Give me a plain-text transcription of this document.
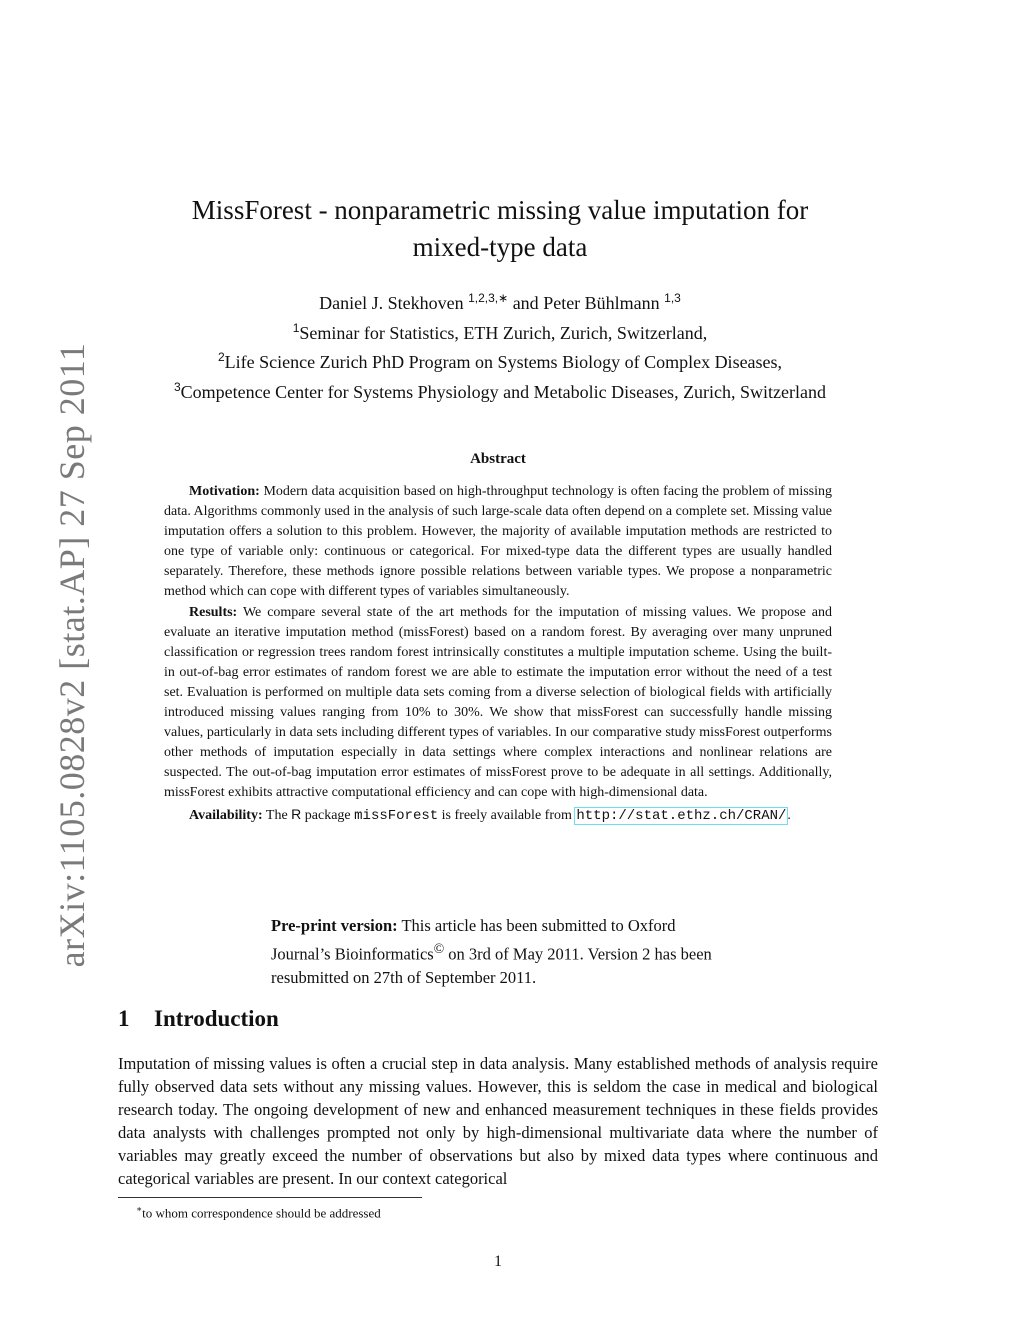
arXiv:1105.0828v2 [stat.AP] 27 Sep 2011
MissForest - nonparametric missing value imputation for
mixed-type data
Daniel J. Stekhoven $^{1,2,3,∗}$ and Peter Bühlmann $^{1,3}$
$^1$Seminar for Statistics, ETH Zurich, Zurich, Switzerland,
$^2$Life Science Zurich PhD Program on Systems Biology of Complex Diseases,
$^3$Competence Center for Systems Physiology and Metabolic Diseases, Zurich, Switzerland
Abstract

Motivation: Modern data acquisition based on high-throughput technology is often facing the problem of missing data. Algorithms commonly used in the analysis of such large-scale data often depend on a complete set. Missing value imputation offers a solution to this problem. However, the majority of available imputation methods are restricted to one type of variable only: continuous or categorical. For mixed-type data the different types are usually handled separately. Therefore, these methods ignore possible relations between variable types. We propose a nonparametric method which can cope with different types of variables simultaneously.

Results: We compare several state of the art methods for the imputation of missing values. We propose and evaluate an iterative imputation method (missForest) based on a random forest. By averaging over many unpruned classification or regression trees random forest intrinsically constitutes a multiple imputation scheme. Using the built-in out-of-bag error estimates of random forest we are able to estimate the imputation error without the need of a test set. Evaluation is performed on multiple data sets coming from a diverse selection of biological fields with artificially introduced missing values ranging from 10% to 30%. We show that missForest can successfully handle missing values, particularly in data sets including different types of variables. In our comparative study missForest outperforms other methods of imputation especially in data settings where complex interactions and nonlinear relations are suspected. The out-of-bag imputation error estimates of missForest prove to be adequate in all settings. Additionally, missForest exhibits attractive computational efficiency and can cope with high-dimensional data.

Availability: The R package missForest is freely available from http://stat.ethz.ch/CRAN/.

Pre-print version: This article has been submitted to Oxford Journal’s Bioinformatics© on 3rd of May 2011. Version 2 has been resubmitted on 27th of September 2011.
1 Introduction

Imputation of missing values is often a crucial step in data analysis. Many established methods of analysis require fully observed data sets without any missing values. However, this is seldom the case in medical and biological research today. The ongoing development of new and enhanced measurement techniques in these fields provides data analysts with challenges prompted not only by high-dimensional multivariate data where the number of variables may greatly exceed the number of observations but also by mixed data types where continuous and categorical variables are present. In our context categorical

∗to whom correspondence should be addressed
1
